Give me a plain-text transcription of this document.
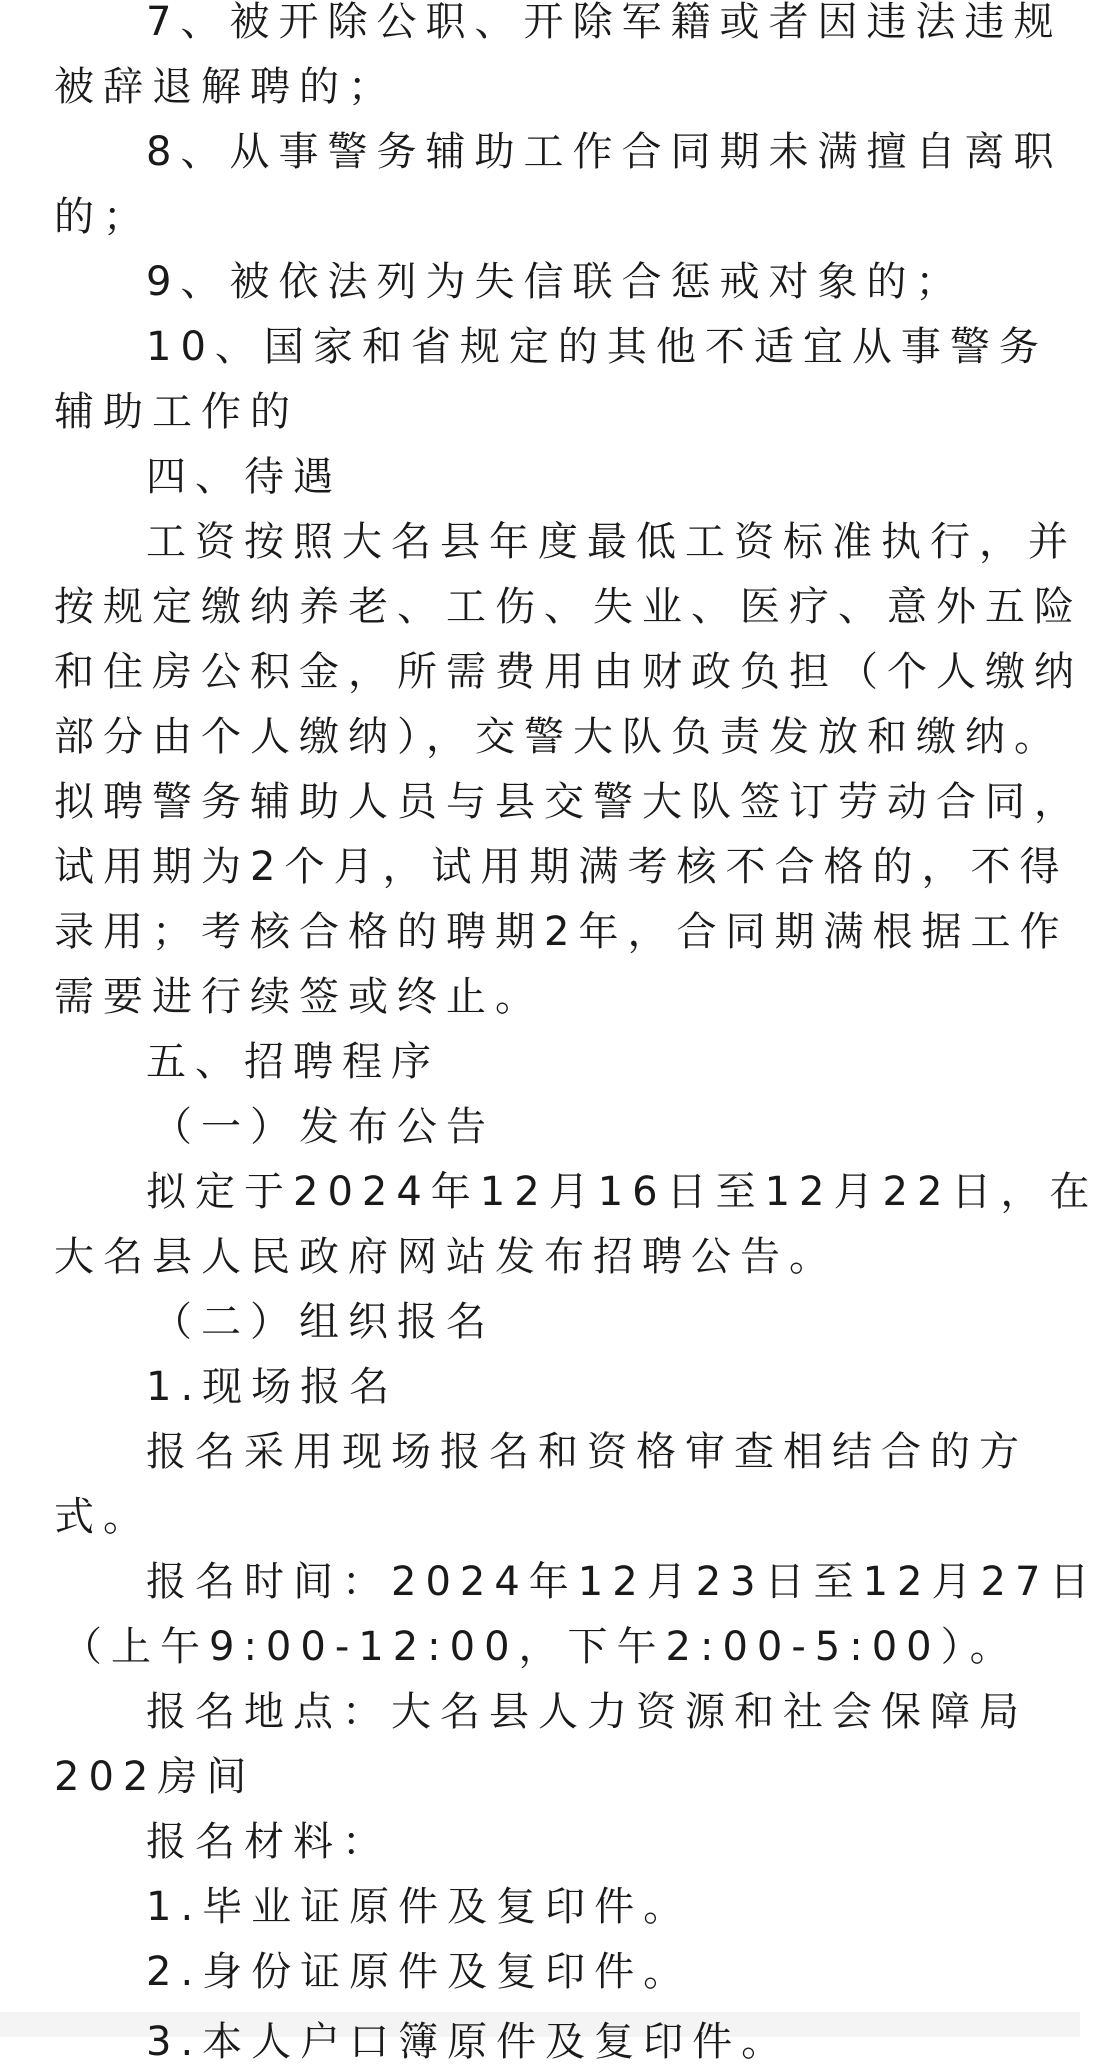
7、被开除公职、开除军籍或者因违法违规
被辞退解聘的；
8、从事警务辅助工作合同期未满擅自离职
的；
9、被依法列为失信联合惩戒对象的；
10、国家和省规定的其他不适宜从事警务
辅助工作的
四、待遇
工资按照大名县年度最低工资标准执行，并
按规定缴纳养老、工伤、失业、医疗、意外五险
和住房公积金，所需费用由财政负担（个人缴纳
部分由个人缴纳），交警大队负责发放和缴纳。
拟聘警务辅助人员与县交警大队签订劳动合同，
试用期为2个月，试用期满考核不合格的，不得
录用；考核合格的聘期2年，合同期满根据工作
需要进行续签或终止。
五、招聘程序
（一）发布公告
拟定于2024年12月16日至12月22日，在
大名县人民政府网站发布招聘公告。
（二）组织报名
1.现场报名
报名采用现场报名和资格审查相结合的方
式。
报名时间：2024年12月23日至12月27日
（上午9:00-12:00，下午2:00-5:00）。
报名地点：大名县人力资源和社会保障局
202房间
报名材料：
1.毕业证原件及复印件。
2.身份证原件及复印件。
3.本人户口簿原件及复印件。
